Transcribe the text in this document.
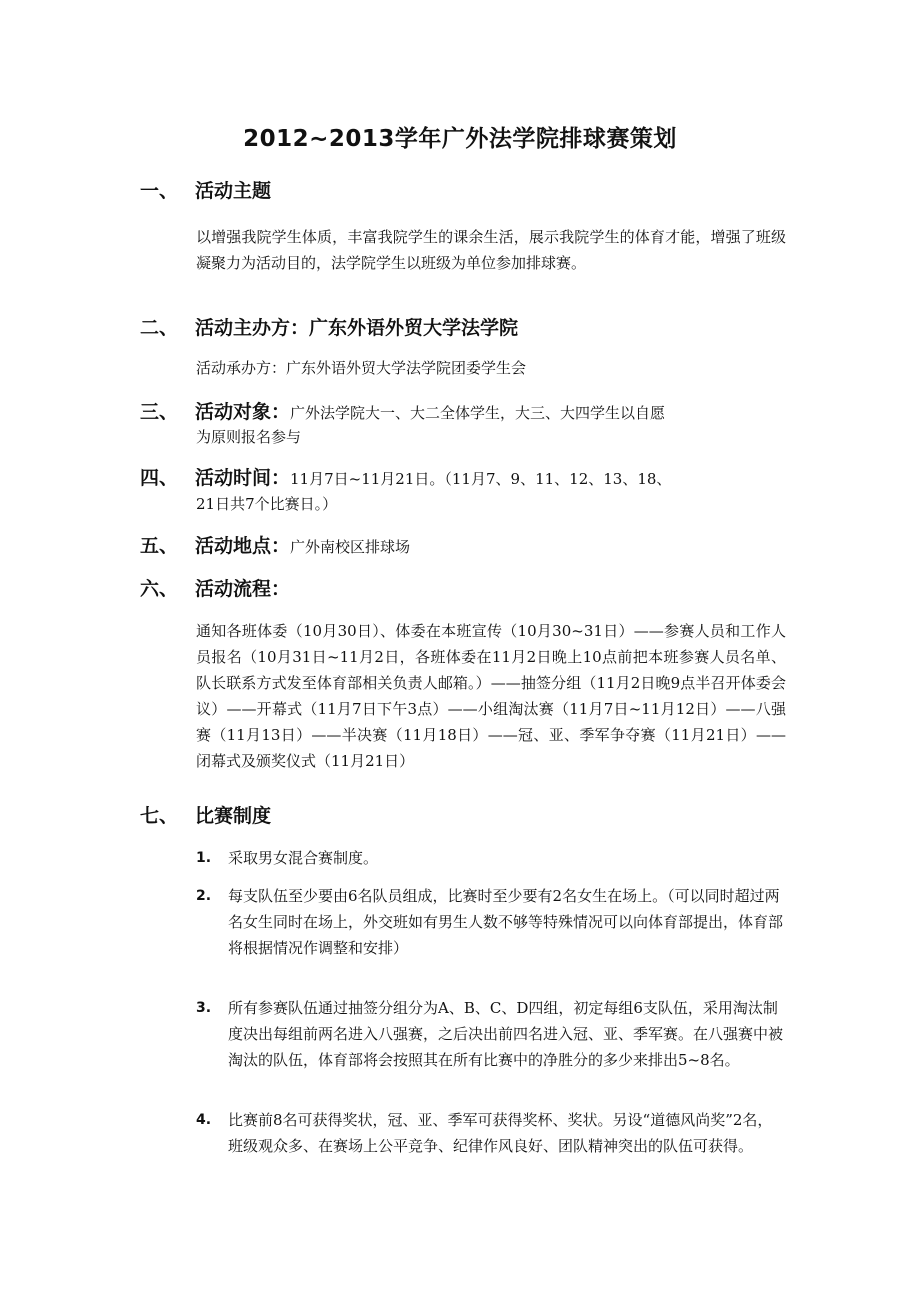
2012~2013学年广外法学院排球赛策划
一、 活动主题
以增强我院学生体质，丰富我院学生的课余生活，展示我院学生的体育才能，增强了班级凝聚力为活动目的，法学院学生以班级为单位参加排球赛。
二、 活动主办方：广东外语外贸大学法学院
活动承办方：广东外语外贸大学法学院团委学生会
三、 活动对象：广外法学院大一、大二全体学生，大三、大四学生以自愿
为原则报名参与
四、 活动时间：11月7日~11月21日。（11月7、9、11、12、13、18、
21日共7个比赛日。）
五、 活动地点：广外南校区排球场
六、 活动流程：
通知各班体委（10月30日）、体委在本班宣传（10月30~31日）——参赛人员和工作人员报名（10月31日~11月2日，各班体委在11月2日晚上10点前把本班参赛人员名单、队长联系方式发至体育部相关负责人邮箱。）——抽签分组（11月2日晚9点半召开体委会议）——开幕式（11月7日下午3点）——小组淘汰赛（11月7日~11月12日）——八强赛（11月13日）——半决赛（11月18日）——冠、亚、季军争夺赛（11月21日）——闭幕式及颁奖仪式（11月21日）
七、 比赛制度
1. 采取男女混合赛制度。
2. 每支队伍至少要由6名队员组成，比赛时至少要有2名女生在场上。（可以同时超过两名女生同时在场上，外交班如有男生人数不够等特殊情况可以向体育部提出，体育部将根据情况作调整和安排）
3. 所有参赛队伍通过抽签分组分为A、B、C、D四组，初定每组6支队伍，采用淘汰制度决出每组前两名进入八强赛，之后决出前四名进入冠、亚、季军赛。在八强赛中被淘汰的队伍，体育部将会按照其在所有比赛中的净胜分的多少来排出5~8名。
4. 比赛前8名可获得奖状，冠、亚、季军可获得奖杯、奖状。另设“道德风尚奖”2名，班级观众多、在赛场上公平竞争、纪律作风良好、团队精神突出的队伍可获得。
